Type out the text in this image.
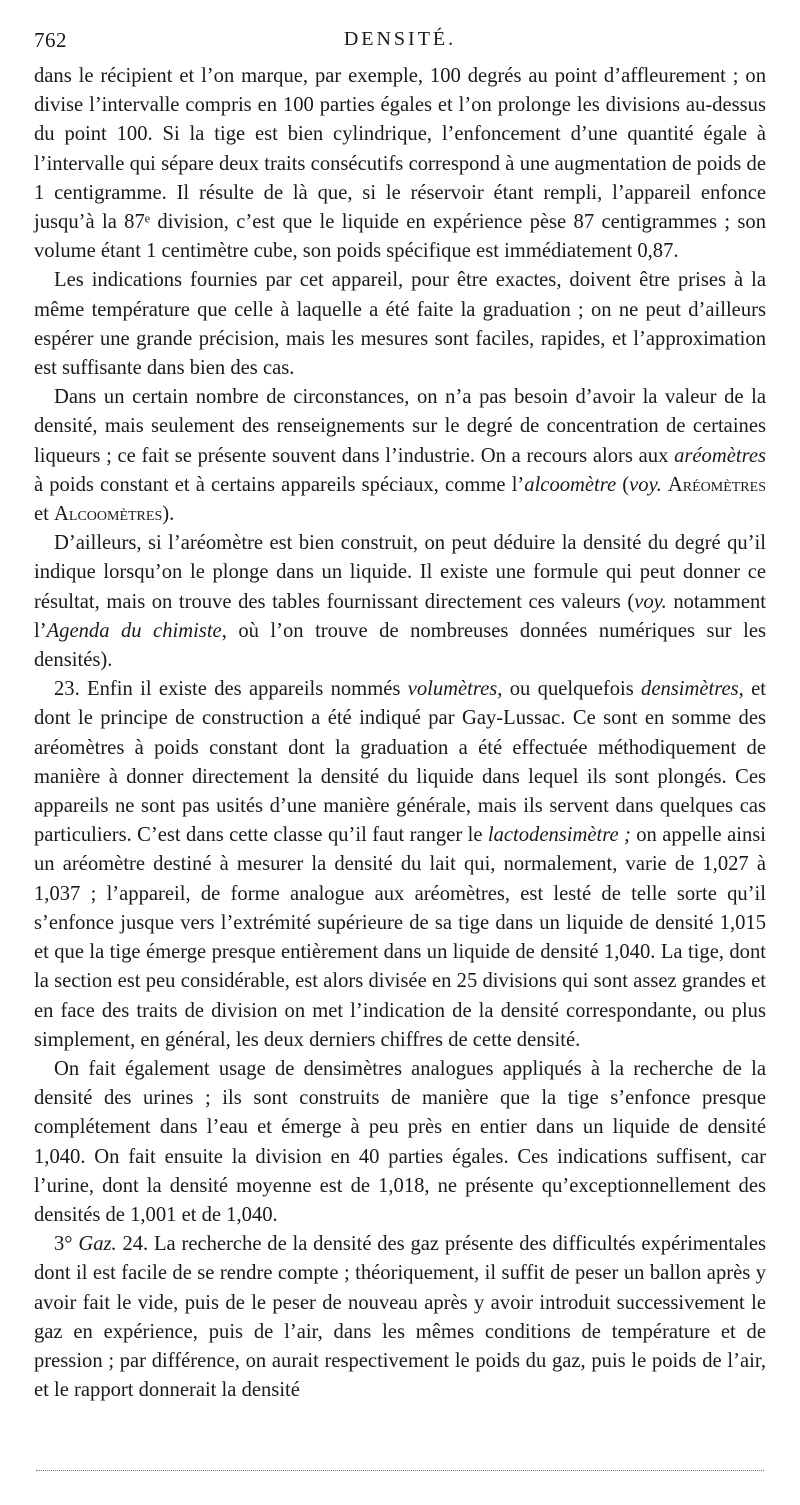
762	DENSITÉ.

dans le récipient et l’on marque, par exemple, 100 degrés au point d’affleurement ; on divise l’intervalle compris en 100 parties égales et l’on prolonge les divisions au-dessus du point 100. Si la tige est bien cylindrique, l’enfoncement d’une quantité égale à l’intervalle qui sépare deux traits consécutifs correspond à une augmentation de poids de 1 centigramme. Il résulte de là que, si le réservoir étant rempli, l’appareil enfonce jusqu’à la 87ᵉ division, c’est que le liquide en expérience pèse 87 centigrammes ; son volume étant 1 centimètre cube, son poids spécifique est immédiatement 0,87.

Les indications fournies par cet appareil, pour être exactes, doivent être prises à la même température que celle à laquelle a été faite la graduation ; on ne peut d’ailleurs espérer une grande précision, mais les mesures sont faciles, rapides, et l’approximation est suffisante dans bien des cas.

Dans un certain nombre de circonstances, on n’a pas besoin d’avoir la valeur de la densité, mais seulement des renseignements sur le degré de concentration de certaines liqueurs ; ce fait se présente souvent dans l’industrie. On a recours alors aux aréomètres à poids constant et à certains appareils spéciaux, comme l’alcoomètre (voy. Aréomètres et Alcoomètres).

D’ailleurs, si l’aréomètre est bien construit, on peut déduire la densité du degré qu’il indique lorsqu’on le plonge dans un liquide. Il existe une formule qui peut donner ce résultat, mais on trouve des tables fournissant directement ces valeurs (voy. notamment l’Agenda du chimiste, où l’on trouve de nombreuses données numériques sur les densités).

23. Enfin il existe des appareils nommés volumètres, ou quelquefois densimètres, et dont le principe de construction a été indiqué par Gay-Lussac. Ce sont en somme des aréomètres à poids constant dont la graduation a été effectuée méthodiquement de manière à donner directement la densité du liquide dans lequel ils sont plongés. Ces appareils ne sont pas usités d’une manière générale, mais ils servent dans quelques cas particuliers. C’est dans cette classe qu’il faut ranger le lactodensimètre ; on appelle ainsi un aréomètre destiné à mesurer la densité du lait qui, normalement, varie de 1,027 à 1,037 ; l’appareil, de forme analogue aux aréomètres, est lesté de telle sorte qu’il s’enfonce jusque vers l’extrémité supérieure de sa tige dans un liquide de densité 1,015 et que la tige émerge presque entièrement dans un liquide de densité 1,040. La tige, dont la section est peu considérable, est alors divisée en 25 divisions qui sont assez grandes et en face des traits de division on met l’indication de la densité correspondante, ou plus simplement, en général, les deux derniers chiffres de cette densité.

On fait également usage de densimètres analogues appliqués à la recherche de la densité des urines ; ils sont construits de manière que la tige s’enfonce presque complétement dans l’eau et émerge à peu près en entier dans un liquide de densité 1,040. On fait ensuite la division en 40 parties égales. Ces indications suffisent, car l’urine, dont la densité moyenne est de 1,018, ne présente qu’exceptionnellement des densités de 1,001 et de 1,040.

3° Gaz. 24. La recherche de la densité des gaz présente des difficultés expérimentales dont il est facile de se rendre compte ; théoriquement, il suffit de peser un ballon après y avoir fait le vide, puis de le peser de nouveau après y avoir introduit successivement le gaz en expérience, puis de l’air, dans les mêmes conditions de température et de pression ; par différence, on aurait respectivement le poids du gaz, puis le poids de l’air, et le rapport donnerait la densité
